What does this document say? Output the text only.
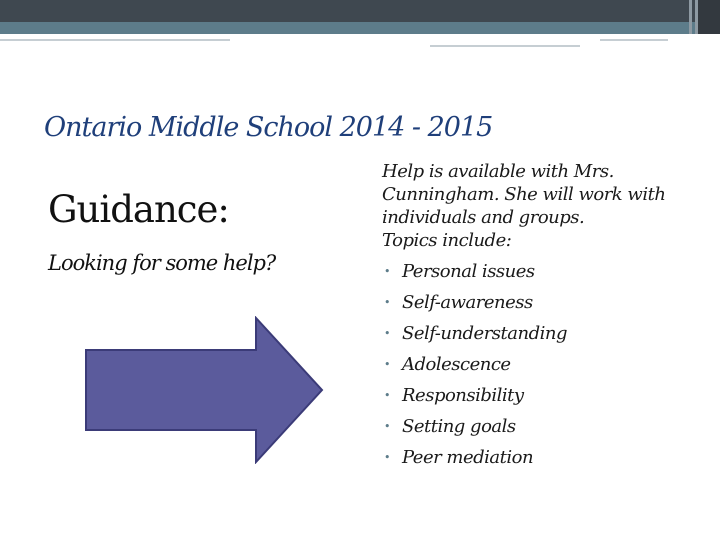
Ontario Middle School 2014 - 2015
Guidance:
Looking for some help?

Help is available with Mrs. Cunningham. She will work with individuals and groups.

Topics include:

• Personal issues
• Self-awareness
• Self-understanding
• Adolescence
• Responsibility
• Setting goals
• Peer mediation
